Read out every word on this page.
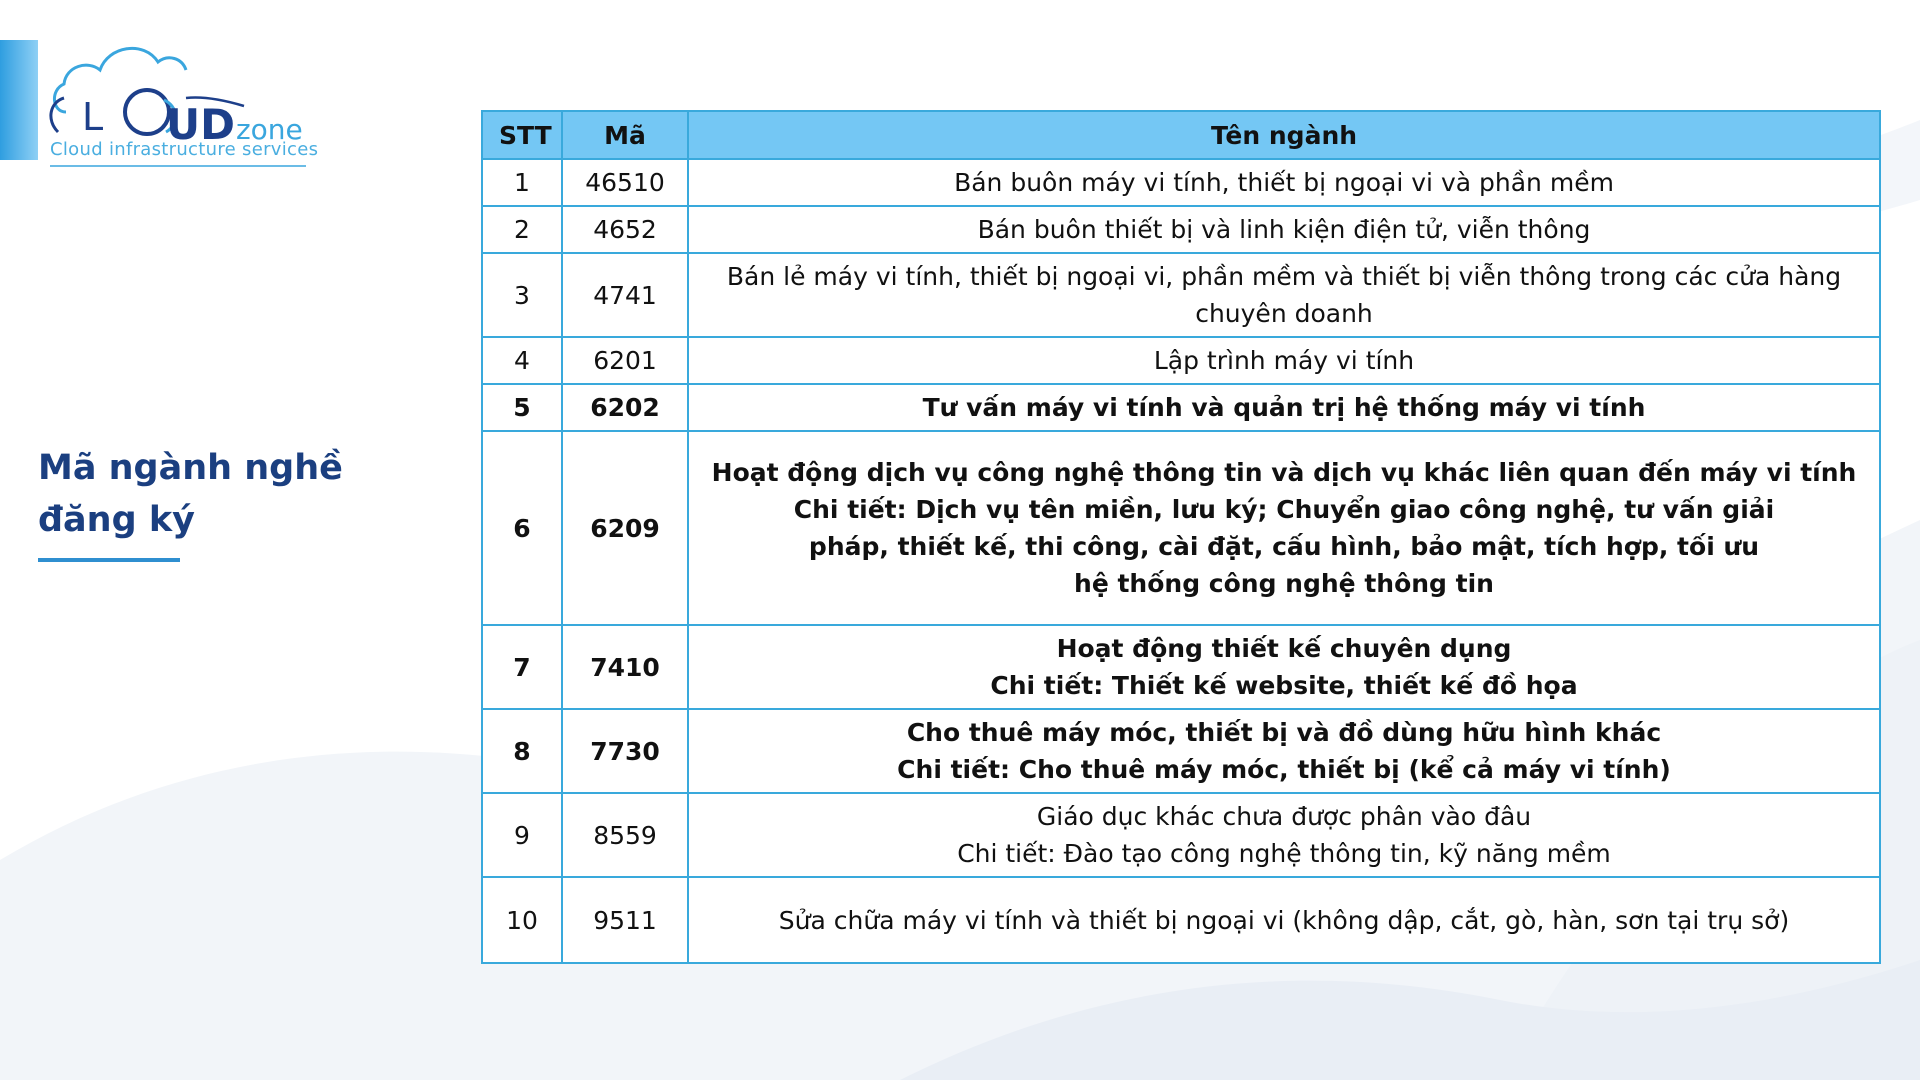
L UDzone
Cloud infrastructure services
Mã ngành nghề
đăng ký
STT	Mã	Tên ngành
1	46510	Bán buôn máy vi tính, thiết bị ngoại vi và phần mềm
2	4652	Bán buôn thiết bị và linh kiện điện tử, viễn thông
3	4741	Bán lẻ máy vi tính, thiết bị ngoại vi, phần mềm và thiết bị viễn thông trong các cửa hàng
chuyên doanh
4	6201	Lập trình máy vi tính
5	6202	Tư vấn máy vi tính và quản trị hệ thống máy vi tính
6	6209	Hoạt động dịch vụ công nghệ thông tin và dịch vụ khác liên quan đến máy vi tính
Chi tiết: Dịch vụ tên miền, lưu ký; Chuyển giao công nghệ, tư vấn giải
pháp, thiết kế, thi công, cài đặt, cấu hình, bảo mật, tích hợp, tối ưu
hệ thống công nghệ thông tin
7	7410	Hoạt động thiết kế chuyên dụng
Chi tiết: Thiết kế website, thiết kế đồ họa
8	7730	Cho thuê máy móc, thiết bị và đồ dùng hữu hình khác
Chi tiết: Cho thuê máy móc, thiết bị (kể cả máy vi tính)
9	8559	Giáo dục khác chưa được phân vào đâu
Chi tiết: Đào tạo công nghệ thông tin, kỹ năng mềm
10	9511	Sửa chữa máy vi tính và thiết bị ngoại vi (không dập, cắt, gò, hàn, sơn tại trụ sở)
